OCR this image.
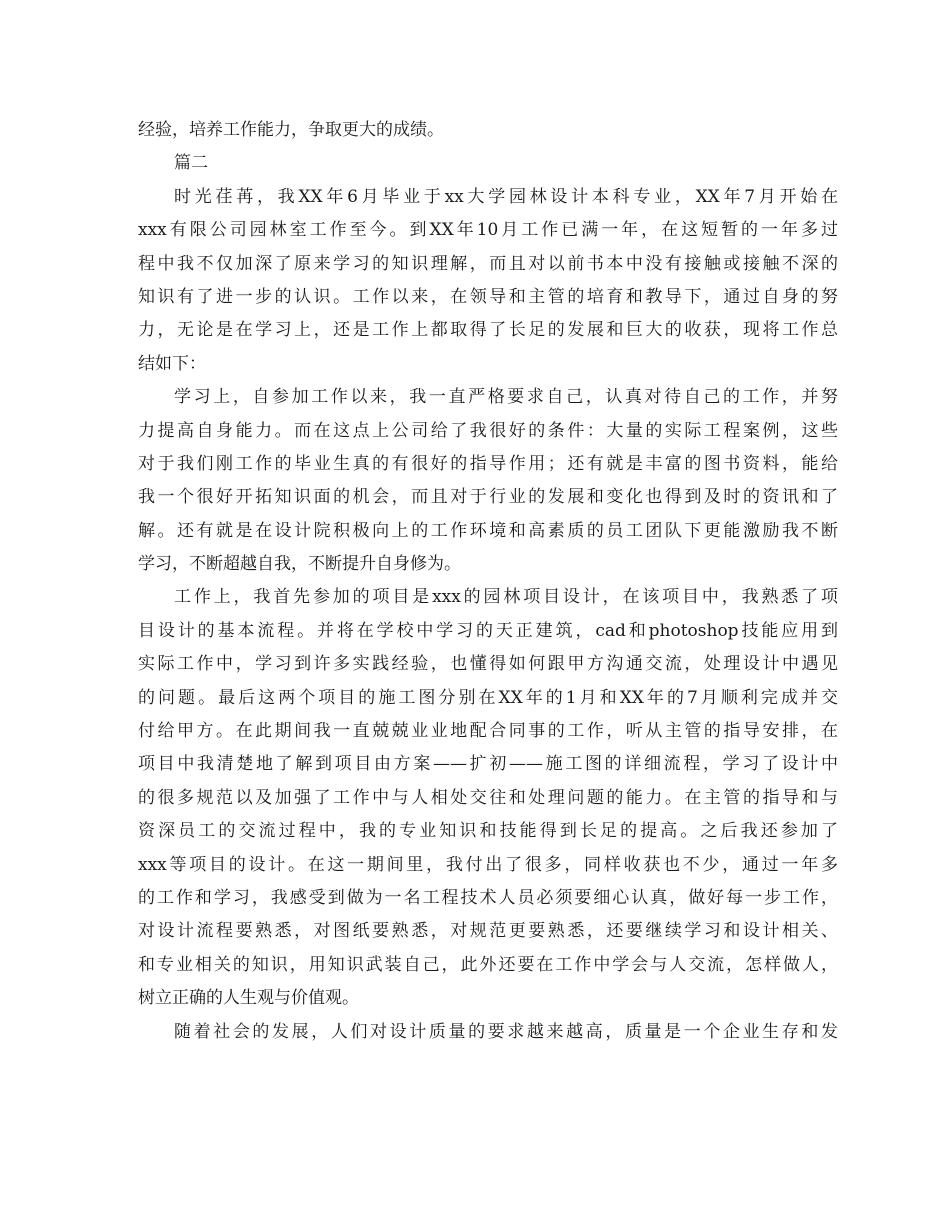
经验，培养工作能力，争取更大的成绩。
篇二
时光荏苒，我XX年6月毕业于xx大学园林设计本科专业，XX年7月开始在
xxx有限公司园林室工作至今。到XX年10月工作已满一年，在这短暂的一年多过
程中我不仅加深了原来学习的知识理解，而且对以前书本中没有接触或接触不深的
知识有了进一步的认识。工作以来，在领导和主管的培育和教导下，通过自身的努
力，无论是在学习上，还是工作上都取得了长足的发展和巨大的收获，现将工作总
结如下：
学习上，自参加工作以来，我一直严格要求自己，认真对待自己的工作，并努
力提高自身能力。而在这点上公司给了我很好的条件：大量的实际工程案例，这些
对于我们刚工作的毕业生真的有很好的指导作用；还有就是丰富的图书资料，能给
我一个很好开拓知识面的机会，而且对于行业的发展和变化也得到及时的资讯和了
解。还有就是在设计院积极向上的工作环境和高素质的员工团队下更能激励我不断
学习，不断超越自我，不断提升自身修为。
工作上，我首先参加的项目是xxx的园林项目设计，在该项目中，我熟悉了项
目设计的基本流程。并将在学校中学习的天正建筑，cad和photoshop技能应用到
实际工作中，学习到许多实践经验，也懂得如何跟甲方沟通交流，处理设计中遇见
的问题。最后这两个项目的施工图分别在XX年的1月和XX年的7月顺利完成并交
付给甲方。在此期间我一直兢兢业业地配合同事的工作，听从主管的指导安排，在
项目中我清楚地了解到项目由方案——扩初——施工图的详细流程，学习了设计中
的很多规范以及加强了工作中与人相处交往和处理问题的能力。在主管的指导和与
资深员工的交流过程中，我的专业知识和技能得到长足的提高。之后我还参加了
xxx等项目的设计。在这一期间里，我付出了很多，同样收获也不少，通过一年多
的工作和学习，我感受到做为一名工程技术人员必须要细心认真，做好每一步工作，
对设计流程要熟悉，对图纸要熟悉，对规范更要熟悉，还要继续学习和设计相关、
和专业相关的知识，用知识武装自己，此外还要在工作中学会与人交流，怎样做人，
树立正确的人生观与价值观。
随着社会的发展，人们对设计质量的要求越来越高，质量是一个企业生存和发
